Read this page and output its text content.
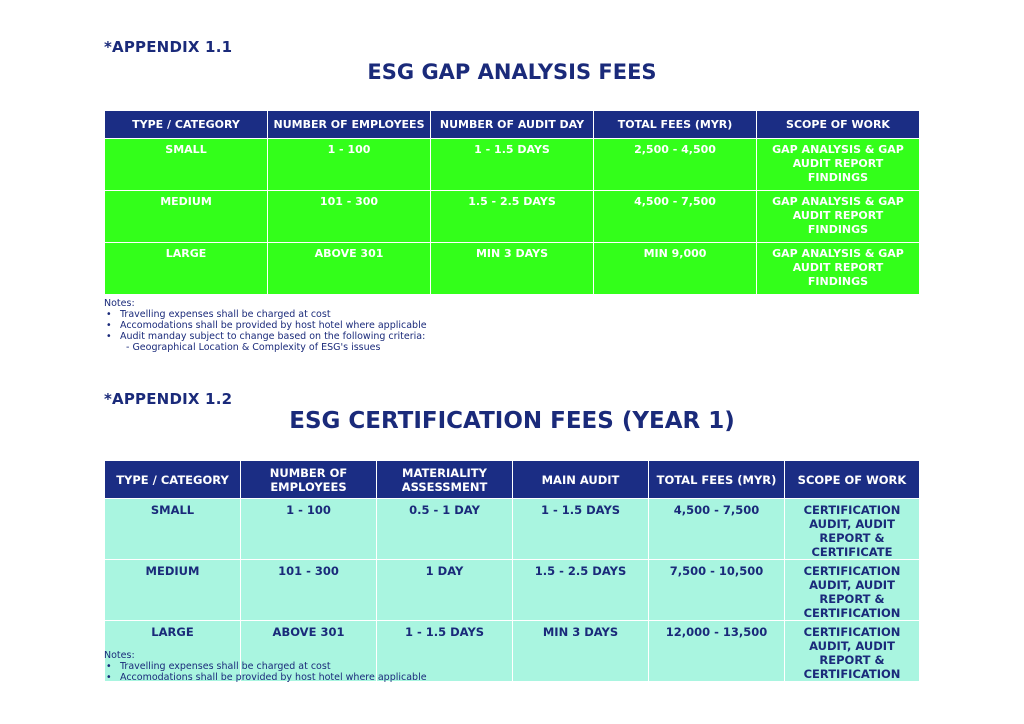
*APPENDIX 1.1
ESG GAP ANALYSIS FEES
TYPE / CATEGORY	NUMBER OF EMPLOYEES	NUMBER OF AUDIT DAY	TOTAL FEES (MYR)	SCOPE OF WORK
SMALL	1 - 100	1 - 1.5 DAYS	2,500 - 4,500	GAP ANALYSIS & GAP AUDIT REPORT FINDINGS
MEDIUM	101 - 300	1.5 - 2.5 DAYS	4,500 - 7,500	GAP ANALYSIS & GAP AUDIT REPORT FINDINGS
LARGE	ABOVE 301	MIN 3 DAYS	MIN 9,000	GAP ANALYSIS & GAP AUDIT REPORT FINDINGS
Notes:
• Travelling expenses shall be charged at cost
• Accomodations shall be provided by host hotel where applicable
• Audit manday subject to change based on the following criteria:
- Geographical Location & Complexity of ESG's issues
*APPENDIX 1.2
ESG CERTIFICATION FEES (YEAR 1)
TYPE / CATEGORY	NUMBER OF EMPLOYEES	MATERIALITY ASSESSMENT	MAIN AUDIT	TOTAL FEES (MYR)	SCOPE OF WORK
SMALL	1 - 100	0.5 - 1 DAY	1 - 1.5 DAYS	4,500 - 7,500	CERTIFICATION AUDIT, AUDIT REPORT & CERTIFICATE
MEDIUM	101 - 300	1 DAY	1.5 - 2.5 DAYS	7,500 - 10,500	CERTIFICATION AUDIT, AUDIT REPORT & CERTIFICATION
LARGE	ABOVE 301	1 - 1.5 DAYS	MIN 3 DAYS	12,000 - 13,500	CERTIFICATION AUDIT, AUDIT REPORT & CERTIFICATION
Notes:
• Travelling expenses shall be charged at cost
• Accomodations shall be provided by host hotel where applicable
